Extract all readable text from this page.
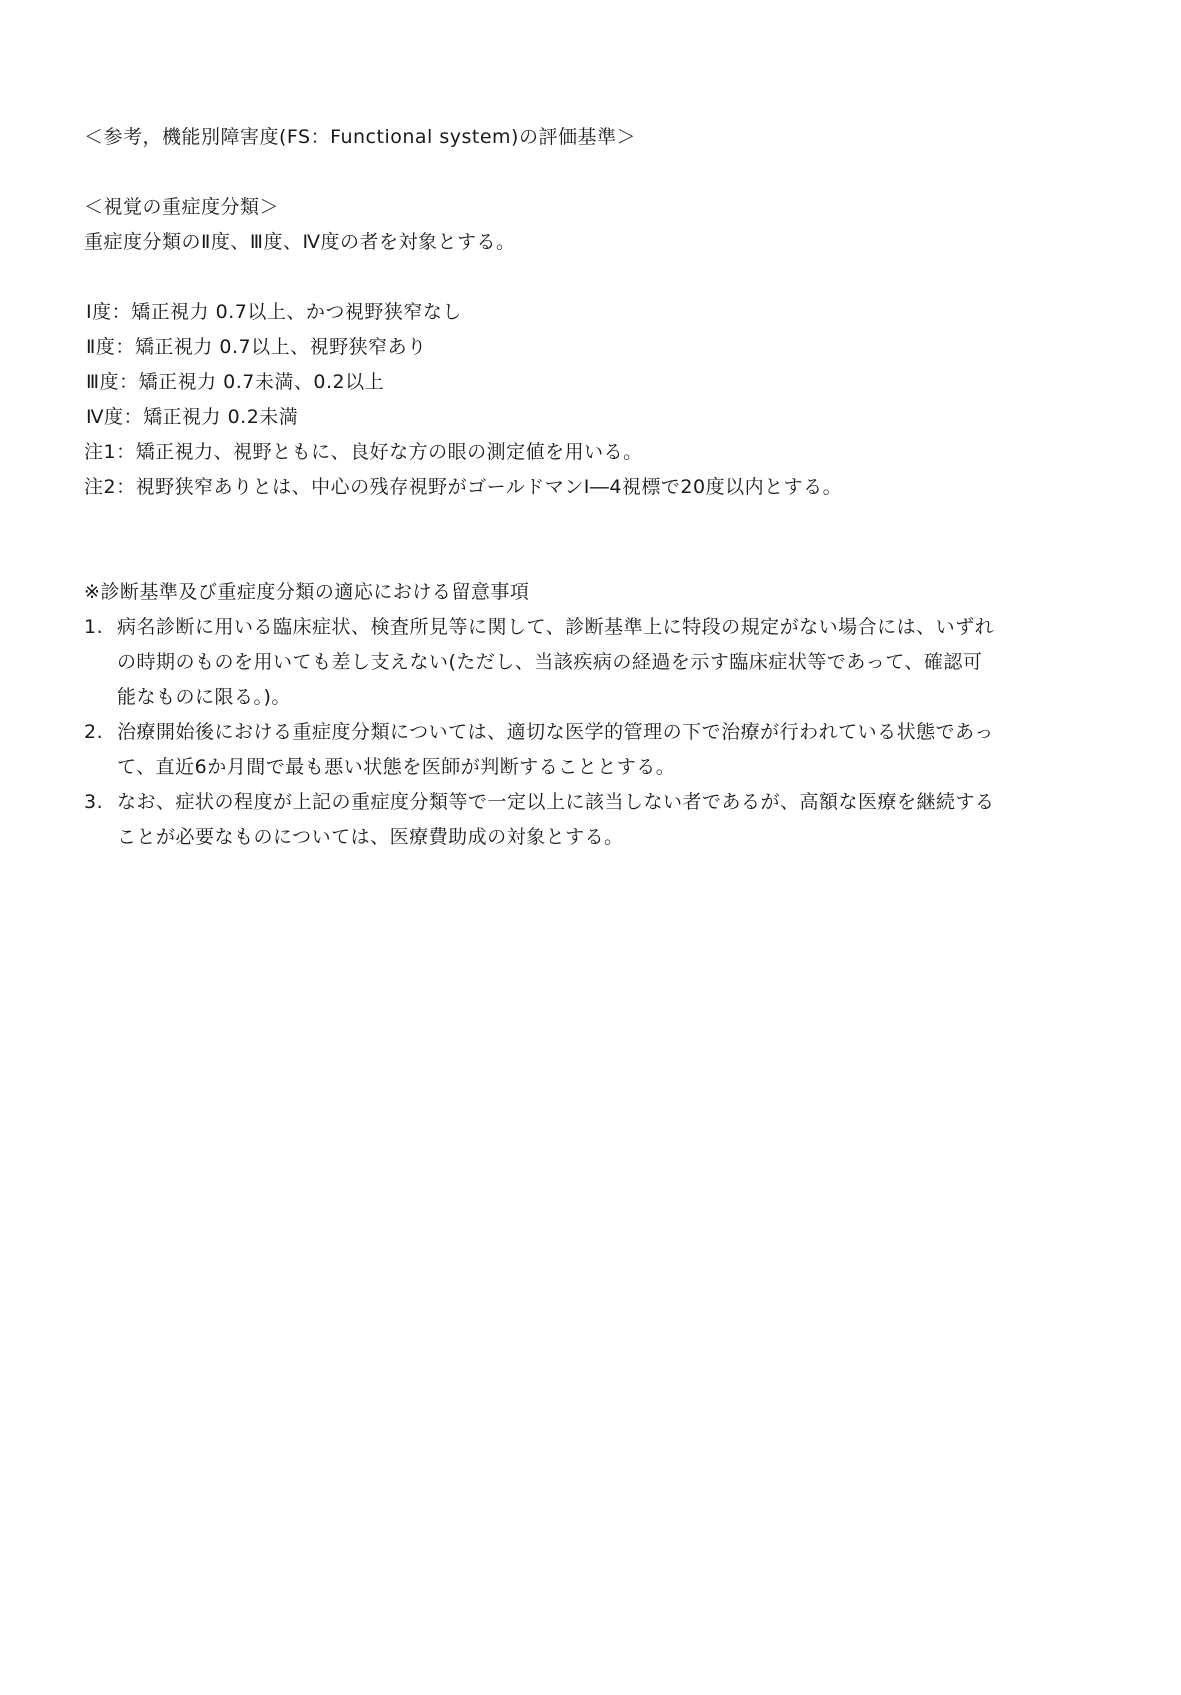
＜参考，機能別障害度(FS：Functional system)の評価基準＞

＜視覚の重症度分類＞

重症度分類のⅡ度、Ⅲ度、Ⅳ度の者を対象とする。

Ⅰ度：矯正視力 0.7以上、かつ視野狭窄なし

Ⅱ度：矯正視力 0.7以上、視野狭窄あり

Ⅲ度：矯正視力 0.7未満、0.2以上

Ⅳ度：矯正視力 0.2未満

注1：矯正視力、視野ともに、良好な方の眼の測定値を用いる。

注2：視野狭窄ありとは、中心の残存視野がゴールドマンⅠ―4視標で20度以内とする。

※診断基準及び重症度分類の適応における留意事項

1. 病名診断に用いる臨床症状、検査所見等に関して、診断基準上に特段の規定がない場合には、いずれ
の時期のものを用いても差し支えない(ただし、当該疾病の経過を示す臨床症状等であって、確認可
能なものに限る。)。
2. 治療開始後における重症度分類については、適切な医学的管理の下で治療が行われている状態であっ
て、直近6か月間で最も悪い状態を医師が判断することとする。
3. なお、症状の程度が上記の重症度分類等で一定以上に該当しない者であるが、高額な医療を継続する
ことが必要なものについては、医療費助成の対象とする。
